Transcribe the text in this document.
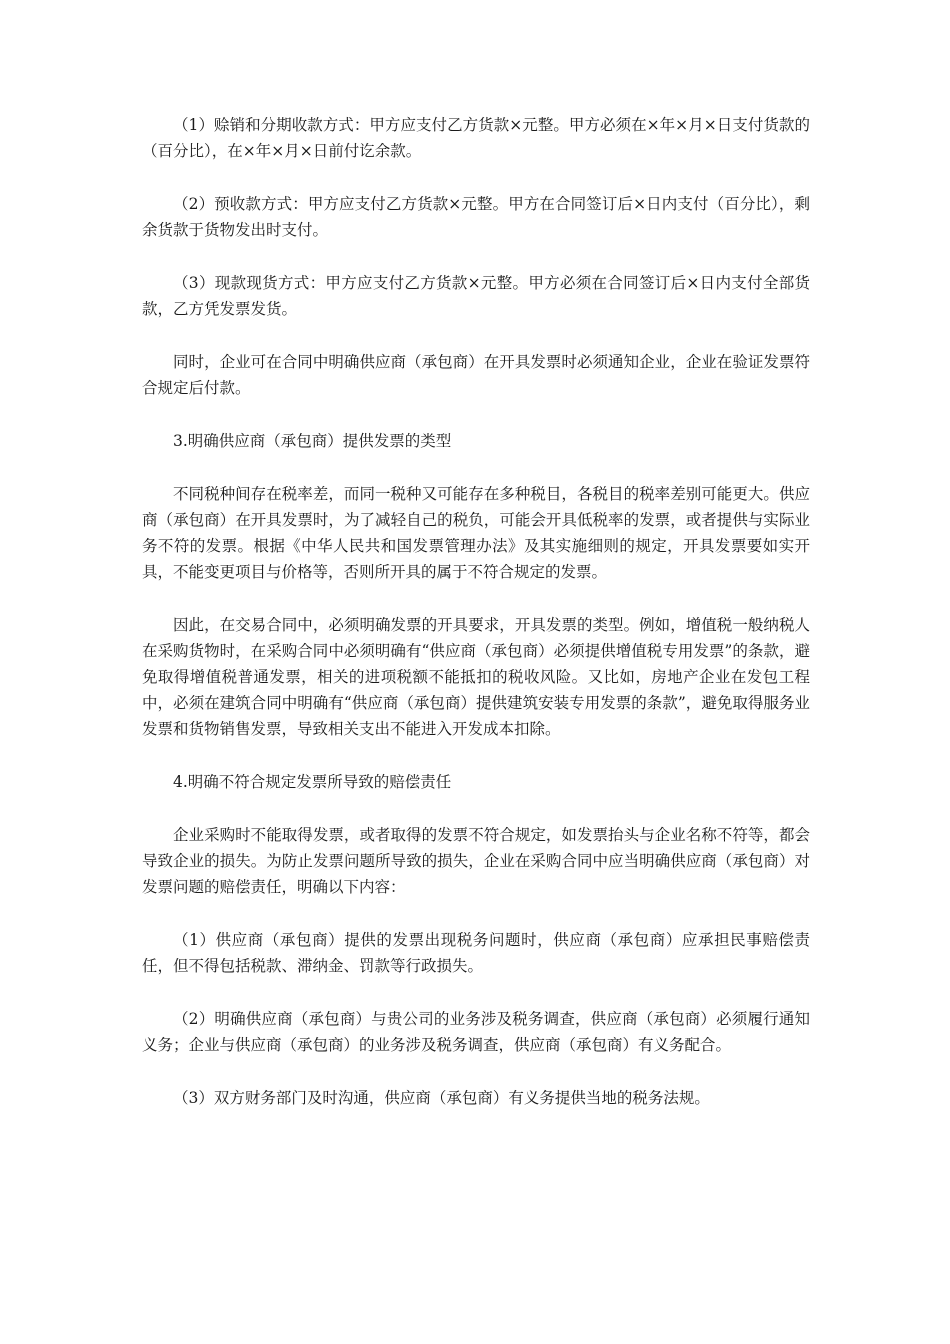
（1）赊销和分期收款方式：甲方应支付乙方货款×元整。甲方必须在×年×月×日支付货款的（百分比），在×年×月×日前付讫余款。

（2）预收款方式：甲方应支付乙方货款×元整。甲方在合同签订后×日内支付（百分比），剩余货款于货物发出时支付。

（3）现款现货方式：甲方应支付乙方货款×元整。甲方必须在合同签订后×日内支付全部货款，乙方凭发票发货。

同时，企业可在合同中明确供应商（承包商）在开具发票时必须通知企业，企业在验证发票符合规定后付款。

3.明确供应商（承包商）提供发票的类型

不同税种间存在税率差，而同一税种又可能存在多种税目，各税目的税率差别可能更大。供应商（承包商）在开具发票时，为了减轻自己的税负，可能会开具低税率的发票，或者提供与实际业务不符的发票。根据《中华人民共和国发票管理办法》及其实施细则的规定，开具发票要如实开具，不能变更项目与价格等，否则所开具的属于不符合规定的发票。

因此，在交易合同中，必须明确发票的开具要求，开具发票的类型。例如，增值税一般纳税人在采购货物时，在采购合同中必须明确有“供应商（承包商）必须提供增值税专用发票”的条款，避免取得增值税普通发票，相关的进项税额不能抵扣的税收风险。又比如，房地产企业在发包工程中，必须在建筑合同中明确有“供应商（承包商）提供建筑安装专用发票的条款”，避免取得服务业发票和货物销售发票，导致相关支出不能进入开发成本扣除。

4.明确不符合规定发票所导致的赔偿责任

企业采购时不能取得发票，或者取得的发票不符合规定，如发票抬头与企业名称不符等，都会导致企业的损失。为防止发票问题所导致的损失，企业在采购合同中应当明确供应商（承包商）对发票问题的赔偿责任，明确以下内容：

（1）供应商（承包商）提供的发票出现税务问题时，供应商（承包商）应承担民事赔偿责任，但不得包括税款、滞纳金、罚款等行政损失。

（2）明确供应商（承包商）与贵公司的业务涉及税务调查，供应商（承包商）必须履行通知义务；企业与供应商（承包商）的业务涉及税务调查，供应商（承包商）有义务配合。

（3）双方财务部门及时沟通，供应商（承包商）有义务提供当地的税务法规。
